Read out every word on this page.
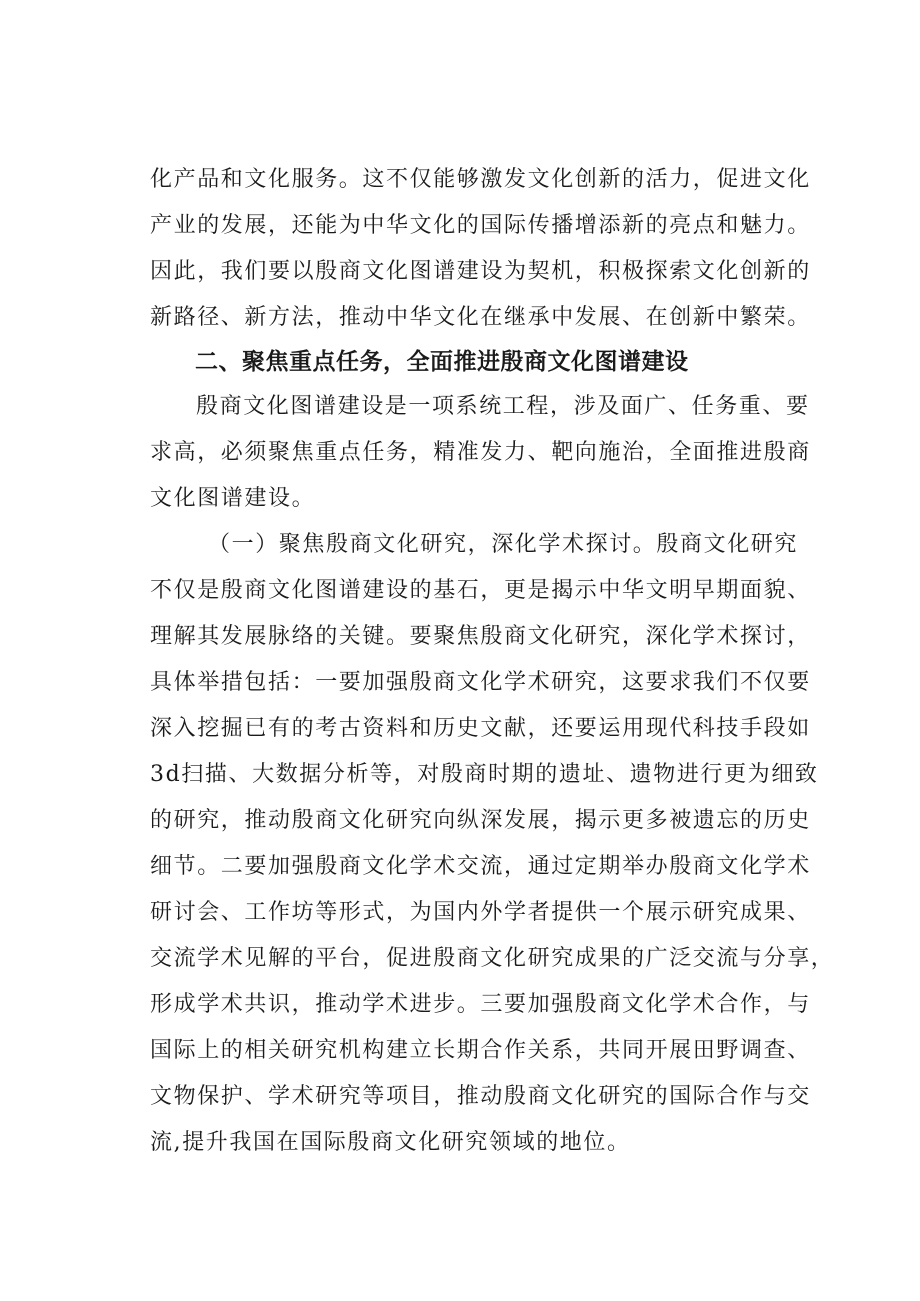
化产品和文化服务。这不仅能够激发文化创新的活力，促进文化
产业的发展，还能为中华文化的国际传播增添新的亮点和魅力。
因此，我们要以殷商文化图谱建设为契机，积极探索文化创新的
新路径、新方法，推动中华文化在继承中发展、在创新中繁荣。
二、聚焦重点任务，全面推进殷商文化图谱建设
殷商文化图谱建设是一项系统工程，涉及面广、任务重、要
求高，必须聚焦重点任务，精准发力、靶向施治，全面推进殷商
文化图谱建设。
（一）聚焦殷商文化研究，深化学术探讨。殷商文化研究
不仅是殷商文化图谱建设的基石，更是揭示中华文明早期面貌、
理解其发展脉络的关键。要聚焦殷商文化研究，深化学术探讨，
具体举措包括：一要加强殷商文化学术研究，这要求我们不仅要
深入挖掘已有的考古资料和历史文献，还要运用现代科技手段如
3d扫描、大数据分析等，对殷商时期的遗址、遗物进行更为细致
的研究，推动殷商文化研究向纵深发展，揭示更多被遗忘的历史
细节。二要加强殷商文化学术交流，通过定期举办殷商文化学术
研讨会、工作坊等形式，为国内外学者提供一个展示研究成果、
交流学术见解的平台，促进殷商文化研究成果的广泛交流与分享，
形成学术共识，推动学术进步。三要加强殷商文化学术合作，与
国际上的相关研究机构建立长期合作关系，共同开展田野调查、
文物保护、学术研究等项目，推动殷商文化研究的国际合作与交
流,提升我国在国际殷商文化研究领域的地位。
